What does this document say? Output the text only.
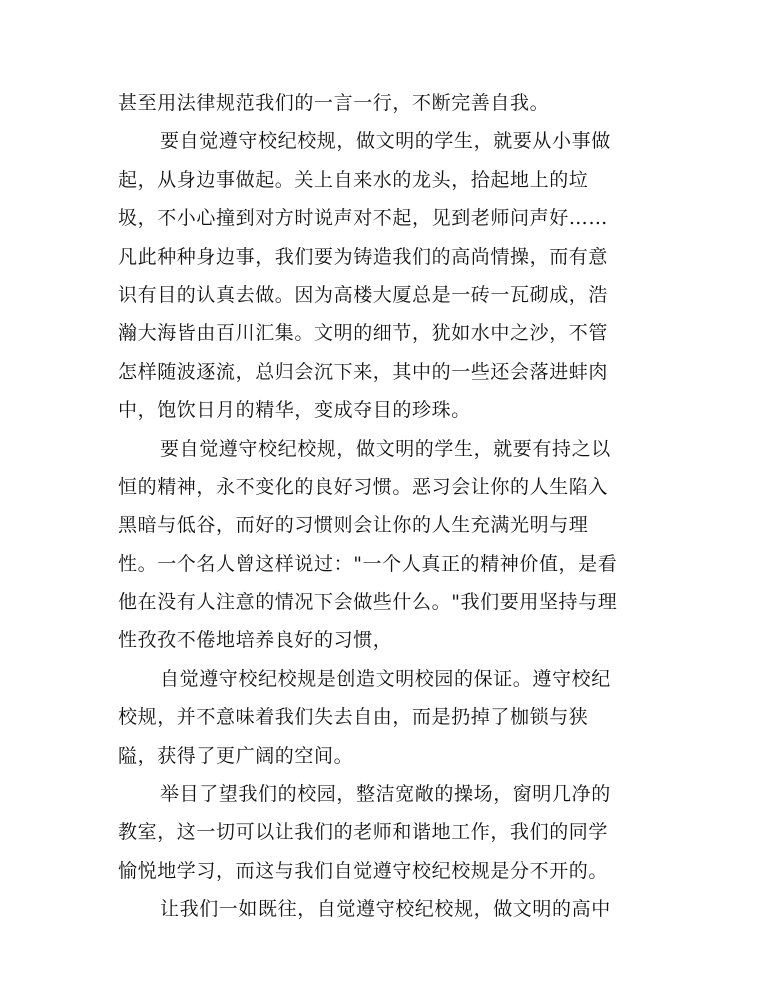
甚至用法律规范我们的一言一行，不断完善自我。
要自觉遵守校纪校规，做文明的学生，就要从小事做
起，从身边事做起。关上自来水的龙头，拾起地上的垃
圾，不小心撞到对方时说声对不起，见到老师问声好……
凡此种种身边事，我们要为铸造我们的高尚情操，而有意
识有目的认真去做。因为高楼大厦总是一砖一瓦砌成，浩
瀚大海皆由百川汇集。文明的细节，犹如水中之沙，不管
怎样随波逐流，总归会沉下来，其中的一些还会落进蚌肉
中，饱饮日月的精华，变成夺目的珍珠。
要自觉遵守校纪校规，做文明的学生，就要有持之以
恒的精神，永不变化的良好习惯。恶习会让你的人生陷入
黑暗与低谷，而好的习惯则会让你的人生充满光明与理
性。一个名人曾这样说过："一个人真正的精神价值，是看
他在没有人注意的情况下会做些什么。"我们要用坚持与理
性孜孜不倦地培养良好的习惯，
自觉遵守校纪校规是创造文明校园的保证。遵守校纪
校规，并不意味着我们失去自由，而是扔掉了枷锁与狭
隘，获得了更广阔的空间。
举目了望我们的校园，整洁宽敞的操场，窗明几净的
教室，这一切可以让我们的老师和谐地工作，我们的同学
愉悦地学习，而这与我们自觉遵守校纪校规是分不开的。
让我们一如既往，自觉遵守校纪校规，做文明的高中
